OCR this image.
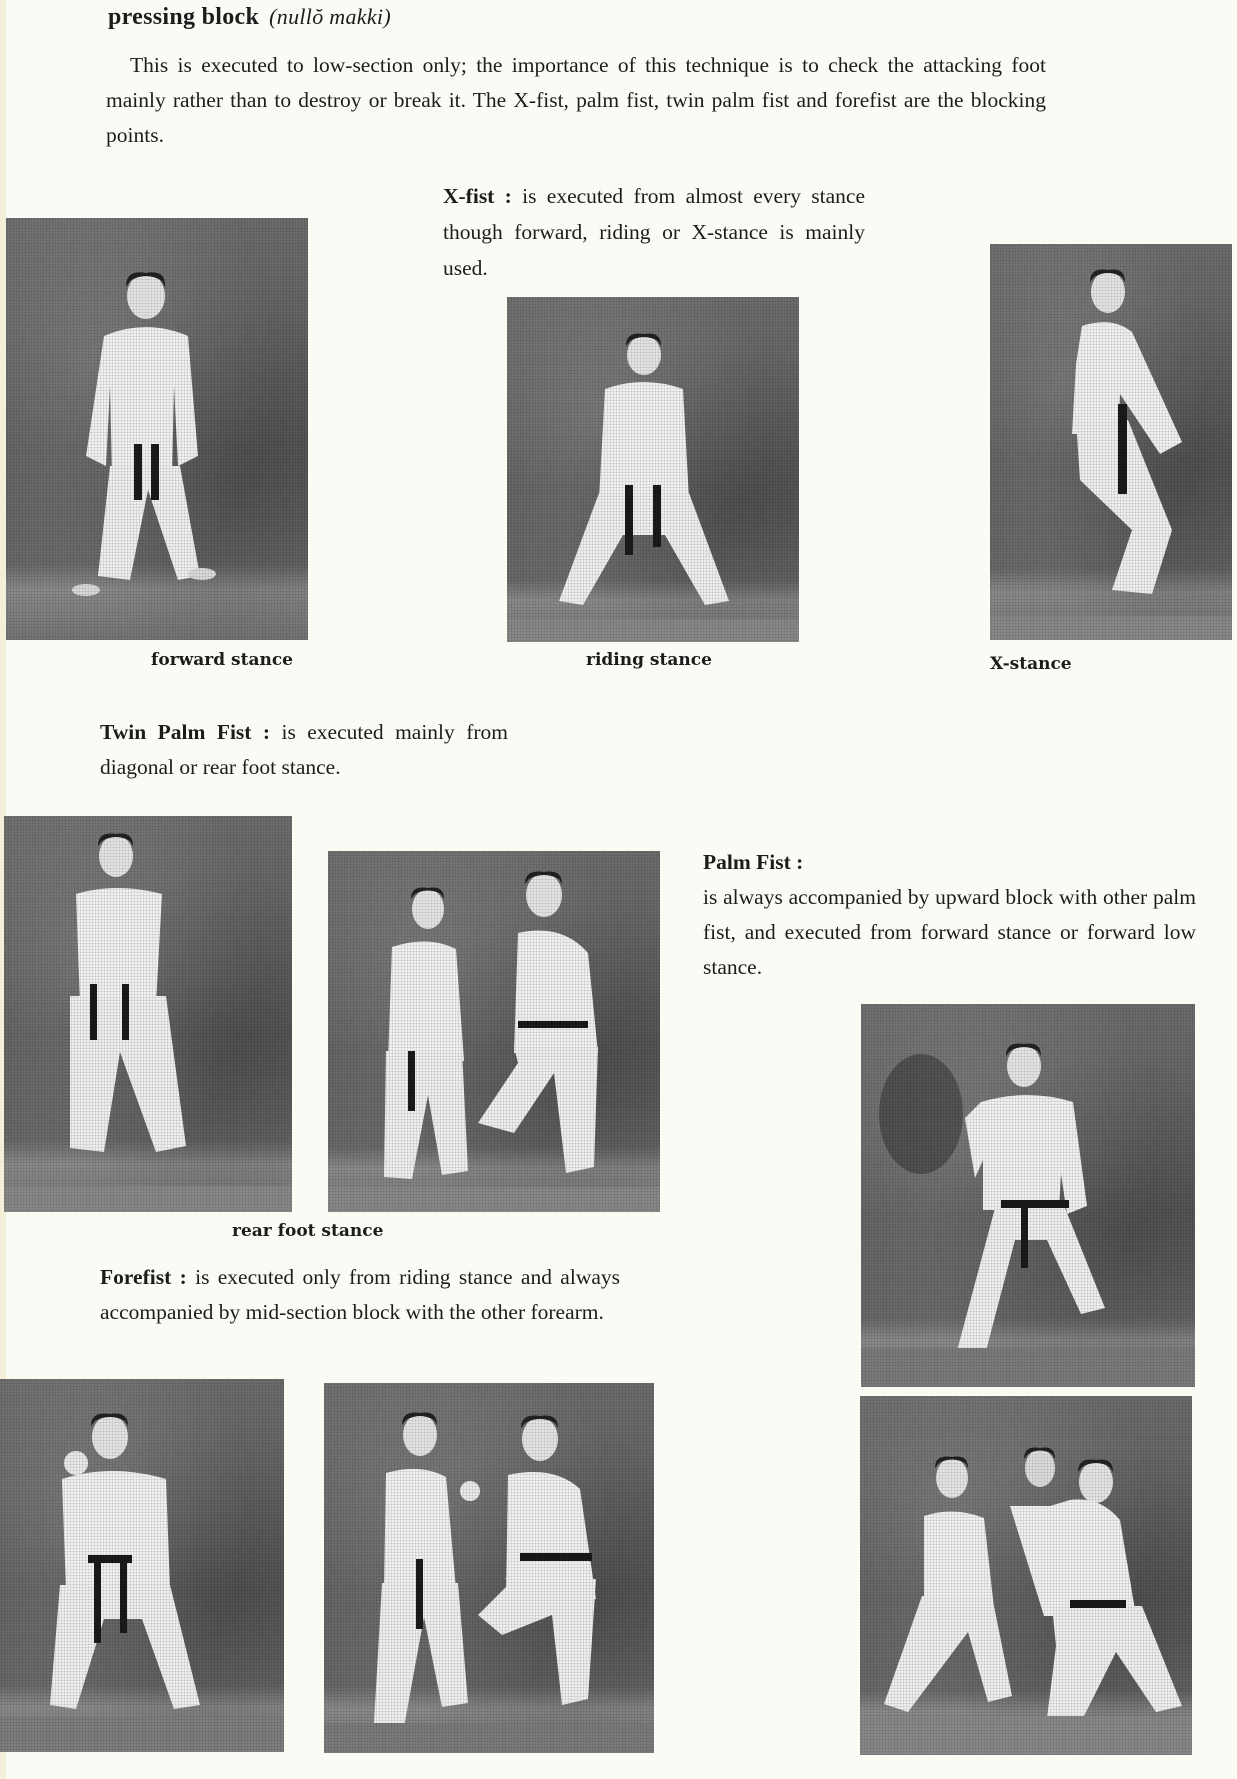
pressing block (nullŏ makki)

This is executed to low-section only; the importance of this technique is to check the attacking foot mainly rather than to destroy or break it. The X-fist, palm fist, twin palm fist and forefist are the blocking points.

X-fist : is executed from almost every stance though forward, riding or X-stance is mainly used.

forward stance	riding stance	X-stance

Twin Palm Fist : is executed mainly from diagonal or rear foot stance.

rear foot stance

Palm Fist :
is always accompanied by upward block with other palm fist, and executed from forward stance or forward low stance.

Forefist : is executed only from riding stance and always accompanied by mid-section block with the other forearm.
